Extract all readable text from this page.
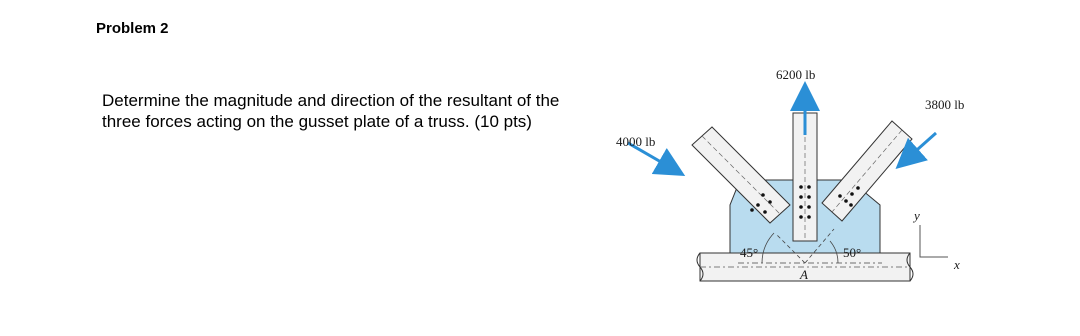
Problem 2
Determine the magnitude and direction of the resultant of the three forces acting on the gusset plate of a truss. (10 pts)
4000 lb
6200 lb
3800 lb
45°	50°
A
y
x
